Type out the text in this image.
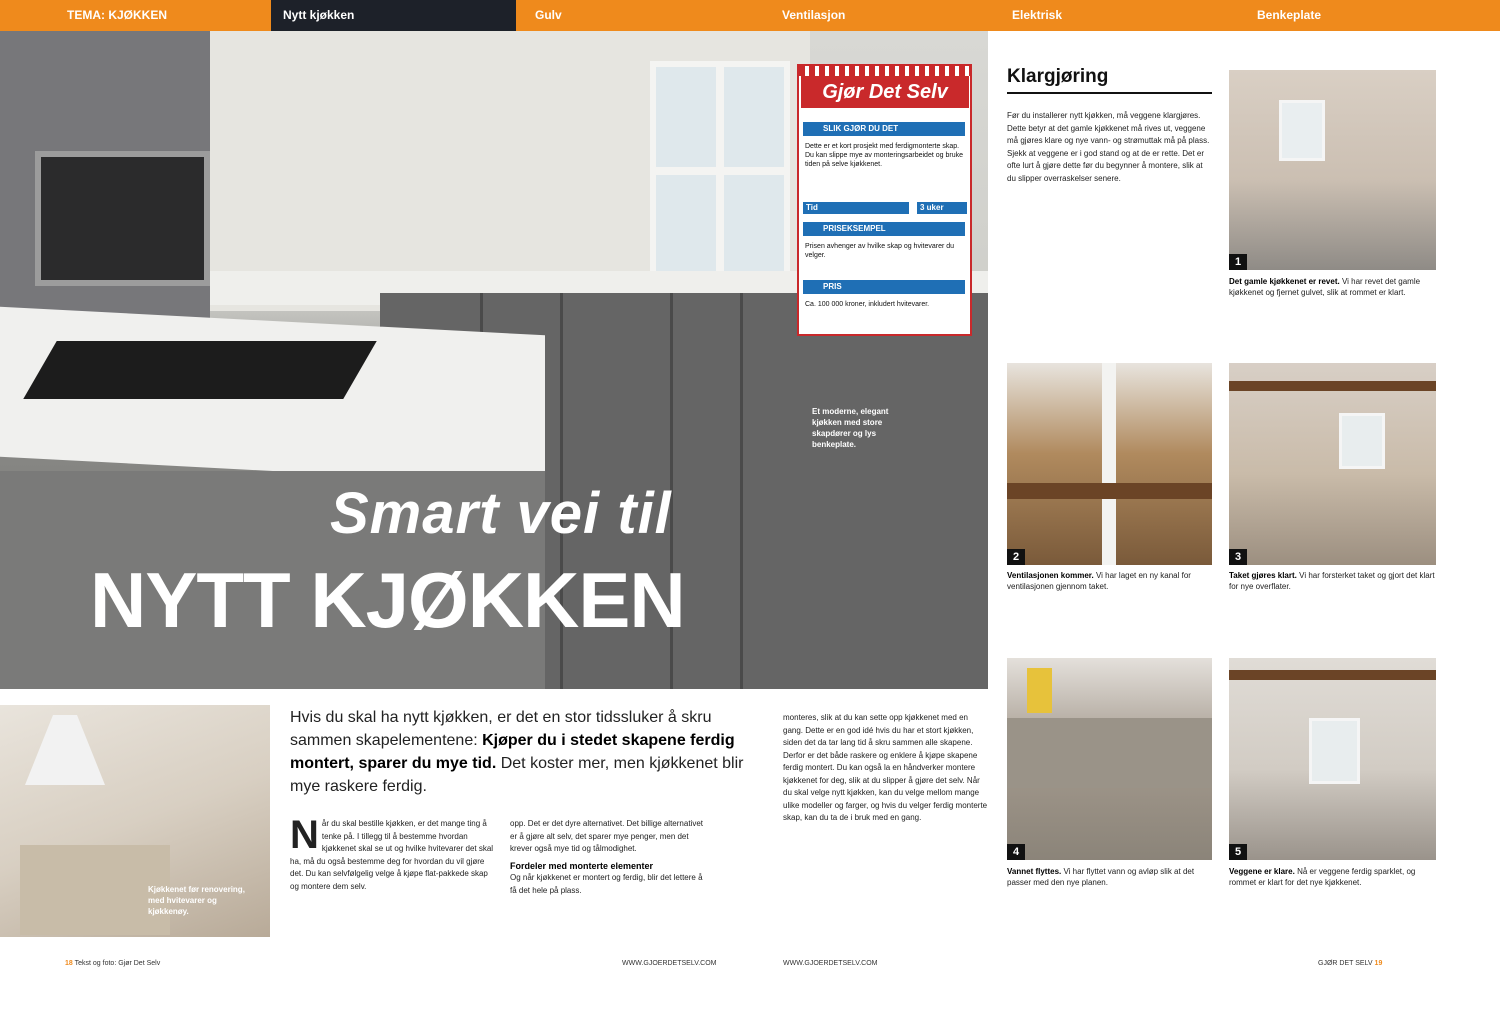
TEMA: KJØKKEN	Nytt kjøkken	Gulv	Ventilasjon	Elektrisk	Benkeplate
Smart vei til
NYTT KJØKKEN
Et moderne, elegant kjøkken med store skapdører og lys benkeplate.
Gjør Det Selv
SLIK GJØR DU DET
Dette er et kort prosjekt med ferdigmonterte skap. Du kan slippe mye av monteringsarbeidet og bruke tiden på selve kjøkkenet.
Tid	3 uker
PRISEKSEMPEL
Prisen avhenger av hvilke skap og hvitevarer du velger.
PRIS
Ca. 100 000 kroner, inkludert hvitevarer.
Kjøkkenet før renovering, med hvitevarer og kjøkkenøy.
Hvis du skal ha nytt kjøkken, er det en stor tidssluker å skru sammen skapelementene: Kjøper du i stedet skapene ferdig montert, sparer du mye tid. Det koster mer, men kjøkkenet blir mye raskere ferdig.
N år du skal bestille kjøkken, er det mange ting å tenke på. I tillegg til å bestemme hvordan kjøkkenet skal se ut og hvilke hvitevarer det skal ha, må du også bestemme deg for hvordan du vil gjøre det. Du kan selvfølgelig velge å kjøpe flat-pakkede skap og montere dem selv.
opp. Det er det dyre alternativet. Det billige alternativet er å gjøre alt selv, det sparer mye penger, men det krever også mye tid og tålmodighet.
Fordeler med monterte elementer
Og når kjøkkenet er montert og ferdig, blir det lettere å få det hele på plass.
monteres, slik at du kan sette opp kjøkkenet med en gang. Dette er en god idé hvis du har et stort kjøkken, siden det da tar lang tid å skru sammen alle skapene. Derfor er det både raskere og enklere å kjøpe skapene ferdig montert. Du kan også la en håndverker montere kjøkkenet for deg, slik at du slipper å gjøre det selv. Når du skal velge nytt kjøkken, kan du velge mellom mange ulike modeller og farger, og hvis du velger ferdig monterte skap, kan du ta de i bruk med en gang.
18 Tekst og foto: Gjør Det Selv	WWW.GJOERDETSELV.COM	WWW.GJOERDETSELV.COM	GJØR DET SELV 19
Klargjøring
Før du installerer nytt kjøkken, må veggene klargjøres. Dette betyr at det gamle kjøkkenet må rives ut, veggene må gjøres klare og nye vann- og strømuttak må på plass. Sjekk at veggene er i god stand og at de er rette. Det er ofte lurt å gjøre dette før du begynner å montere, slik at du slipper overraskelser senere.
1
Det gamle kjøkkenet er revet. Vi har revet det gamle kjøkkenet og fjernet gulvet, slik at rommet er klart.
2
Ventilasjonen kommer. Vi har laget en ny kanal for ventilasjonen gjennom taket.
3
Taket gjøres klart. Vi har forsterket taket og gjort det klart for nye overflater.
4
Vannet flyttes. Vi har flyttet vann og avløp slik at det passer med den nye planen.
5
Veggene er klare. Nå er veggene ferdig sparklet, og rommet er klart for det nye kjøkkenet.
